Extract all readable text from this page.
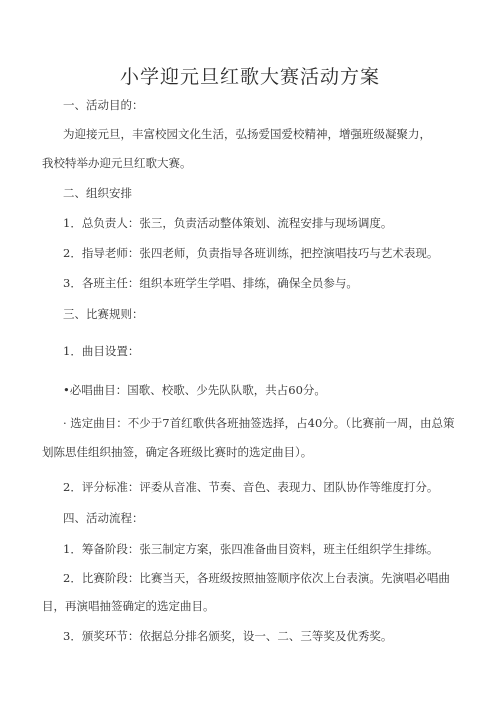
小学迎元旦红歌大赛活动方案
一、活动目的：
为迎接元旦，丰富校园文化生活，弘扬爱国爱校精神，增强班级凝聚力，
我校特举办迎元旦红歌大赛。
二、组织安排
1．总负责人：张三，负责活动整体策划、流程安排与现场调度。
2．指导老师：张四老师，负责指导各班训练，把控演唱技巧与艺术表现。
3．各班主任：组织本班学生学唱、排练，确保全员参与。
三、比赛规则：
1．曲目设置：
•必唱曲目：国歌、校歌、少先队队歌，共占60分。
· 选定曲目：不少于7首红歌供各班抽签选择，占40分。（比赛前一周，由总策
划陈思佳组织抽签，确定各班级比赛时的选定曲目）。
2．评分标准：评委从音准、节奏、音色、表现力、团队协作等维度打分。
四、活动流程：
1．筹备阶段：张三制定方案，张四准备曲目资料，班主任组织学生排练。
2．比赛阶段：比赛当天，各班级按照抽签顺序依次上台表演。先演唱必唱曲
目，再演唱抽签确定的选定曲目。
3．颁奖环节：依据总分排名颁奖，设一、二、三等奖及优秀奖。
